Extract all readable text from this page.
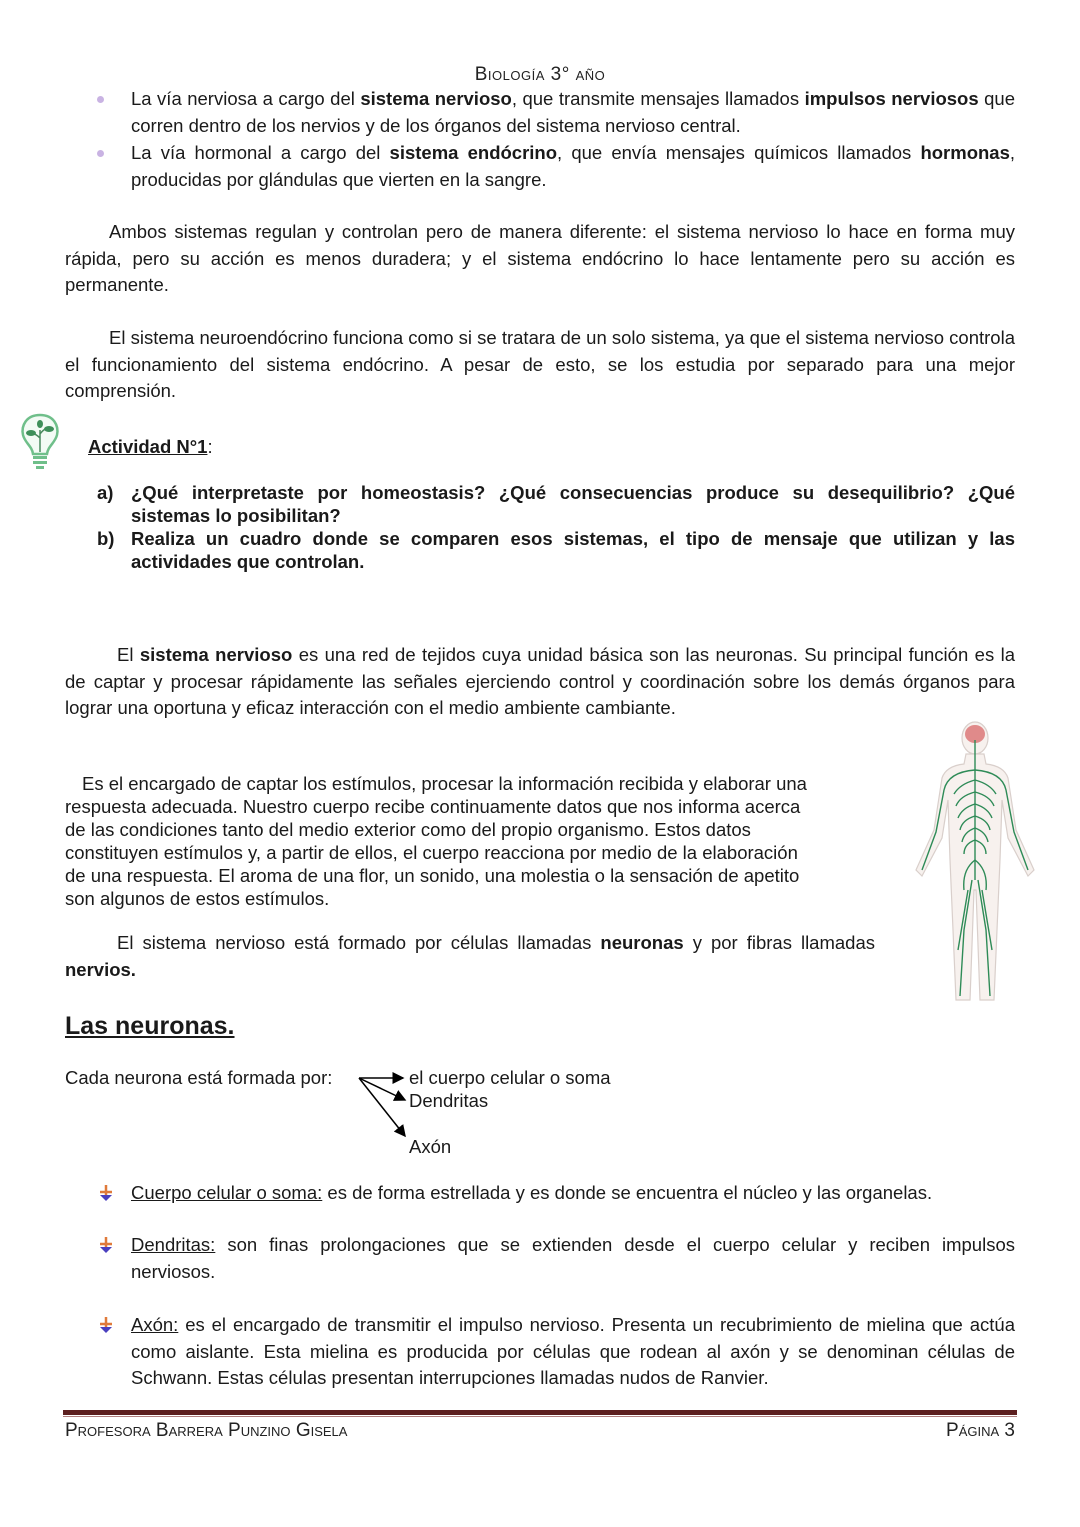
Biología 3° año
La vía nerviosa a cargo del sistema nervioso, que transmite mensajes llamados impulsos nerviosos que corren dentro de los nervios y de los órganos del sistema nervioso central.
La vía hormonal a cargo del sistema endócrino, que envía mensajes químicos llamados hormonas, producidas por glándulas que vierten en la sangre.
Ambos sistemas regulan y controlan pero de manera diferente: el sistema nervioso lo hace en forma muy rápida, pero su acción es menos duradera; y el sistema endócrino lo hace lentamente pero su acción es permanente.
El sistema neuroendócrino funciona como si se tratara de un solo sistema, ya que el sistema nervioso controla el funcionamiento del sistema endócrino. A pesar de esto, se los estudia por separado para una mejor comprensión.
Actividad N°1:
a) ¿Qué interpretaste por homeostasis? ¿Qué consecuencias produce su desequilibrio? ¿Qué sistemas lo posibilitan?
b) Realiza un cuadro donde se comparen esos sistemas, el tipo de mensaje que utilizan y las actividades que controlan.
El sistema nervioso es una red de tejidos cuya unidad básica son las neuronas. Su principal función es la de captar y procesar rápidamente las señales ejerciendo control y coordinación sobre los demás órganos para lograr una oportuna y eficaz interacción con el medio ambiente cambiante.
Es el encargado de captar los estímulos, procesar la información recibida y elaborar una
respuesta adecuada. Nuestro cuerpo recibe continuamente datos que nos informa acerca
de las condiciones tanto del medio exterior como del propio organismo. Estos datos
constituyen estímulos y, a partir de ellos, el cuerpo reacciona por medio de la elaboración
de una respuesta. El aroma de una flor, un sonido, una molestia o la sensación de apetito
son algunos de estos estímulos.
El sistema nervioso está formado por células llamadas neuronas y por fibras llamadas nervios.
Las neuronas.
Cada neurona está formada por:	el cuerpo celular o soma
Dendritas
Axón
Cuerpo celular o soma: es de forma estrellada y es donde se encuentra el núcleo y las organelas.
Dendritas: son finas prolongaciones que se extienden desde el cuerpo celular y reciben impulsos nerviosos.
Axón: es el encargado de transmitir el impulso nervioso. Presenta un recubrimiento de mielina que actúa como aislante. Esta mielina es producida por células que rodean al axón y se denominan células de Schwann. Estas células presentan interrupciones llamadas nudos de Ranvier.
Profesora Barrera Punzino Gisela	Página 3
